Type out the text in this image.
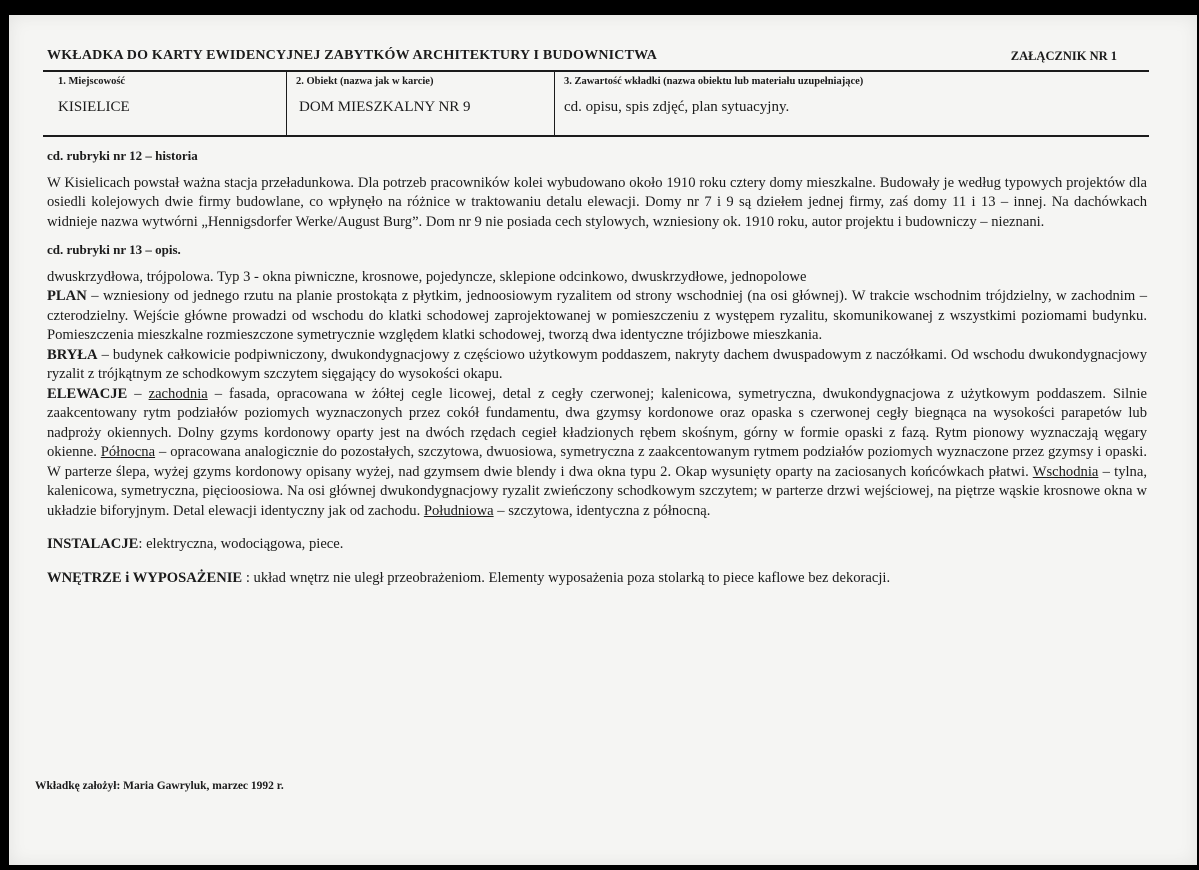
WKŁADKA DO KARTY EWIDENCYJNEJ ZABYTKÓW ARCHITEKTURY I BUDOWNICTWA	ZAŁĄCZNIK NR 1
1. Miejscowość
KISIELICE
2. Obiekt (nazwa jak w karcie)
DOM MIESZKALNY NR 9
3. Zawartość wkładki (nazwa obiektu lub materiału uzupełniające)
cd. opisu, spis zdjęć, plan sytuacyjny.

cd. rubryki nr 12 – historia

W Kisielicach powstał ważna stacja przeładunkowa. Dla potrzeb pracowników kolei wybudowano około 1910 roku cztery domy mieszkalne. Budowały je według typowych projektów dla osiedli kolejowych dwie firmy budowlane, co wpłynęło na różnice w traktowaniu detalu elewacji. Domy nr 7 i 9 są dziełem jednej firmy, zaś domy 11 i 13 – innej. Na dachówkach widnieje nazwa wytwórni „Hennigsdorfer Werke/August Burg”. Dom nr 9 nie posiada cech stylowych, wzniesiony ok. 1910 roku, autor projektu i budowniczy – nieznani.

cd. rubryki nr 13 – opis.

dwuskrzydłowa, trójpolowa. Typ 3 - okna piwniczne, krosnowe, pojedyncze, sklepione odcinkowo, dwuskrzydłowe, jednopolowe

PLAN – wzniesiony od jednego rzutu na planie prostokąta z płytkim, jednoosiowym ryzalitem od strony wschodniej (na osi głównej). W trakcie wschodnim trójdzielny, w zachodnim – czterodzielny. Wejście główne prowadzi od wschodu do klatki schodowej zaprojektowanej w pomieszczeniu z występem ryzalitu, skomunikowanej z wszystkimi poziomami budynku. Pomieszczenia mieszkalne rozmieszczone symetrycznie względem klatki schodowej, tworzą dwa identyczne trójizbowe mieszkania.

BRYŁA – budynek całkowicie podpiwniczony, dwukondygnacjowy z częściowo użytkowym poddaszem, nakryty dachem dwuspadowym z naczółkami. Od wschodu dwukondygnacjowy ryzalit z trójkątnym ze schodkowym szczytem sięgający do wysokości okapu.

ELEWACJE – zachodnia – fasada, opracowana w żółtej cegle licowej, detal z cegły czerwonej; kalenicowa, symetryczna, dwukondygnacjowa z użytkowym poddaszem. Silnie zaakcentowany rytm podziałów poziomych wyznaczonych przez cokół fundamentu, dwa gzymsy kordonowe oraz opaska s czerwonej cegły biegnąca na wysokości parapetów lub nadproży okiennych. Dolny gzyms kordonowy oparty jest na dwóch rzędach cegieł kładzionych rębem skośnym, górny w formie opaski z fazą. Rytm pionowy wyznaczają węgary okienne. Północna – opracowana analogicznie do pozostałych, szczytowa, dwuosiowa, symetryczna z zaakcentowanym rytmem podziałów poziomych wyznaczone przez gzymsy i opaski. W parterze ślepa, wyżej gzyms kordonowy opisany wyżej, nad gzymsem dwie blendy i dwa okna typu 2. Okap wysunięty oparty na zaciosanych końcówkach płatwi. Wschodnia – tylna, kalenicowa, symetryczna, pięcioosiowa. Na osi głównej dwukondygnacjowy ryzalit zwieńczony schodkowym szczytem; w parterze drzwi wejściowej, na piętrze wąskie krosnowe okna w układzie biforyjnym. Detal elewacji identyczny jak od zachodu. Południowa – szczytowa, identyczna z północną.

INSTALACJE: elektryczna, wodociągowa, piece.

WNĘTRZE i WYPOSAŻENIE : układ wnętrz nie uległ przeobrażeniom. Elementy wyposażenia poza stolarką to piece kaflowe bez dekoracji.

Wkładkę założył: Maria Gawryluk, marzec 1992 r.
